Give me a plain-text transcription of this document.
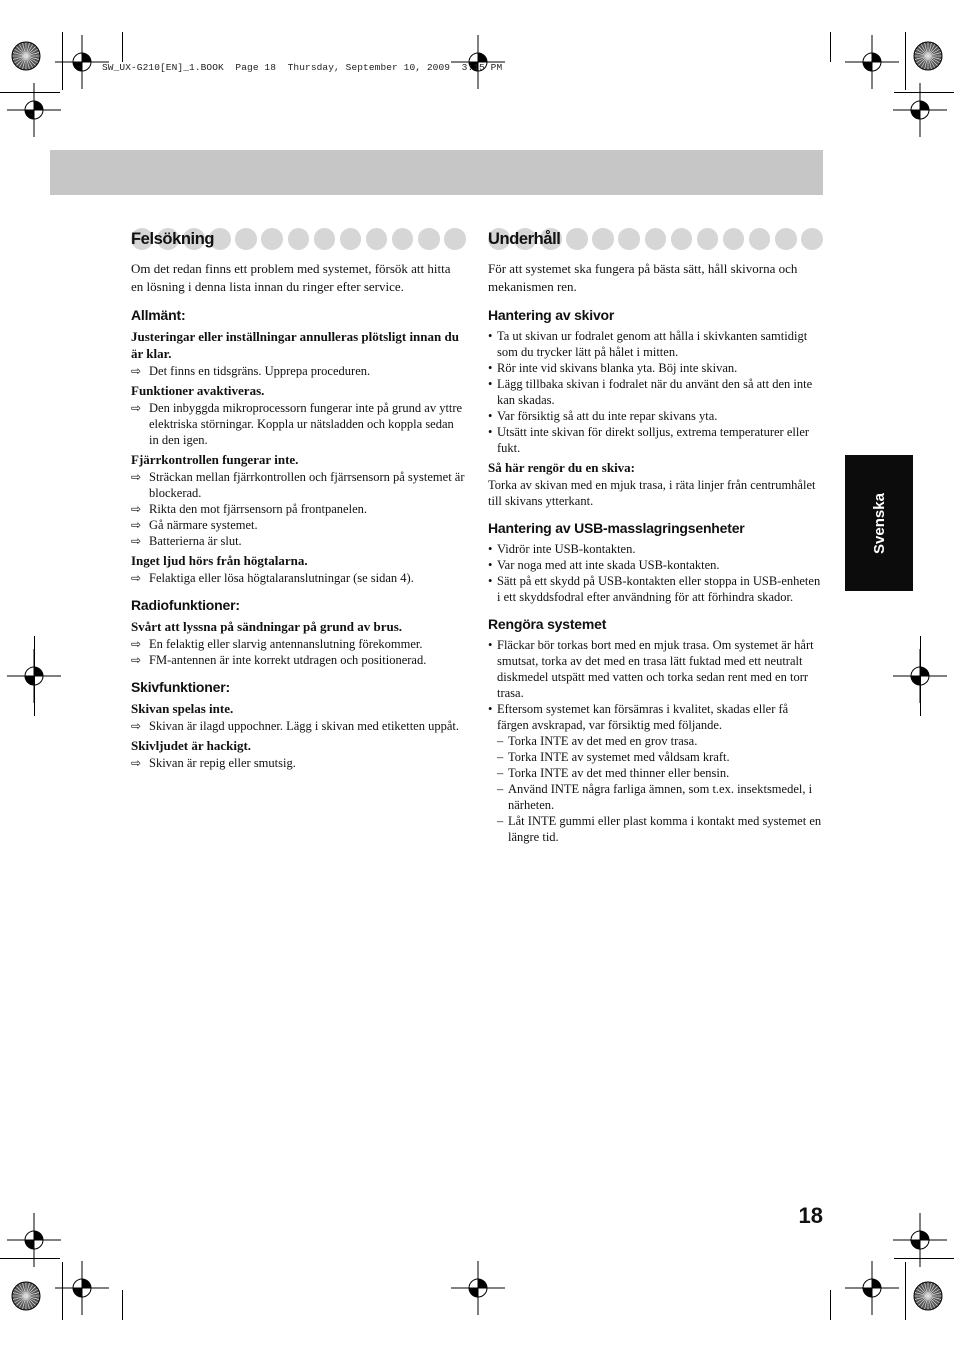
SW_UX-G210[EN]_1.BOOK  Page 18  Thursday, September 10, 2009  3:15 PM
Felsökning

Om det redan finns ett problem med systemet, försök att hitta en lösning i denna lista innan du ringer efter service.

Allmänt:
Justeringar eller inställningar annulleras plötsligt innan du är klar.
⇨ Det finns en tidsgräns. Upprepa proceduren.
Funktioner avaktiveras.
⇨ Den inbyggda mikroprocessorn fungerar inte på grund av yttre elektriska störningar. Koppla ur nätsladden och koppla sedan in den igen.
Fjärrkontrollen fungerar inte.
⇨ Sträckan mellan fjärrkontrollen och fjärrsensorn på systemet är blockerad.
⇨ Rikta den mot fjärrsensorn på frontpanelen.
⇨ Gå närmare systemet.
⇨ Batterierna är slut.
Inget ljud hörs från högtalarna.
⇨ Felaktiga eller lösa högtalaranslutningar (se sidan 4).
Radiofunktioner:
Svårt att lyssna på sändningar på grund av brus.
⇨ En felaktig eller slarvig antennanslutning förekommer.
⇨ FM-antennen är inte korrekt utdragen och positionerad.
Skivfunktioner:
Skivan spelas inte.
⇨ Skivan är ilagd uppochner. Lägg i skivan med etiketten uppåt.
Skivljudet är hackigt.
⇨ Skivan är repig eller smutsig.
Underhåll

För att systemet ska fungera på bästa sätt, håll skivorna och mekanismen ren.

Hantering av skivor
• Ta ut skivan ur fodralet genom att hålla i skivkanten samtidigt som du trycker lätt på hålet i mitten.
• Rör inte vid skivans blanka yta. Böj inte skivan.
• Lägg tillbaka skivan i fodralet när du använt den så att den inte kan skadas.
• Var försiktig så att du inte repar skivans yta.
• Utsätt inte skivan för direkt solljus, extrema temperaturer eller fukt.
Så här rengör du en skiva:
Torka av skivan med en mjuk trasa, i räta linjer från centrumhålet till skivans ytterkant.
Hantering av USB-masslagringsenheter
• Vidrör inte USB-kontakten.
• Var noga med att inte skada USB-kontakten.
• Sätt på ett skydd på USB-kontakten eller stoppa in USB-enheten i ett skyddsfodral efter användning för att förhindra skador.
Rengöra systemet
• Fläckar bör torkas bort med en mjuk trasa. Om systemet är hårt smutsat, torka av det med en trasa lätt fuktad med ett neutralt diskmedel utspätt med vatten och torka sedan rent med en torr trasa.
• Eftersom systemet kan försämras i kvalitet, skadas eller få färgen avskrapad, var försiktig med följande.
– Torka INTE av det med en grov trasa.
– Torka INTE av systemet med våldsam kraft.
– Torka INTE av det med thinner eller bensin.
– Använd INTE några farliga ämnen, som t.ex. insektsmedel, i närheten.
– Låt INTE gummi eller plast komma i kontakt med systemet en längre tid.
Svenska
18
